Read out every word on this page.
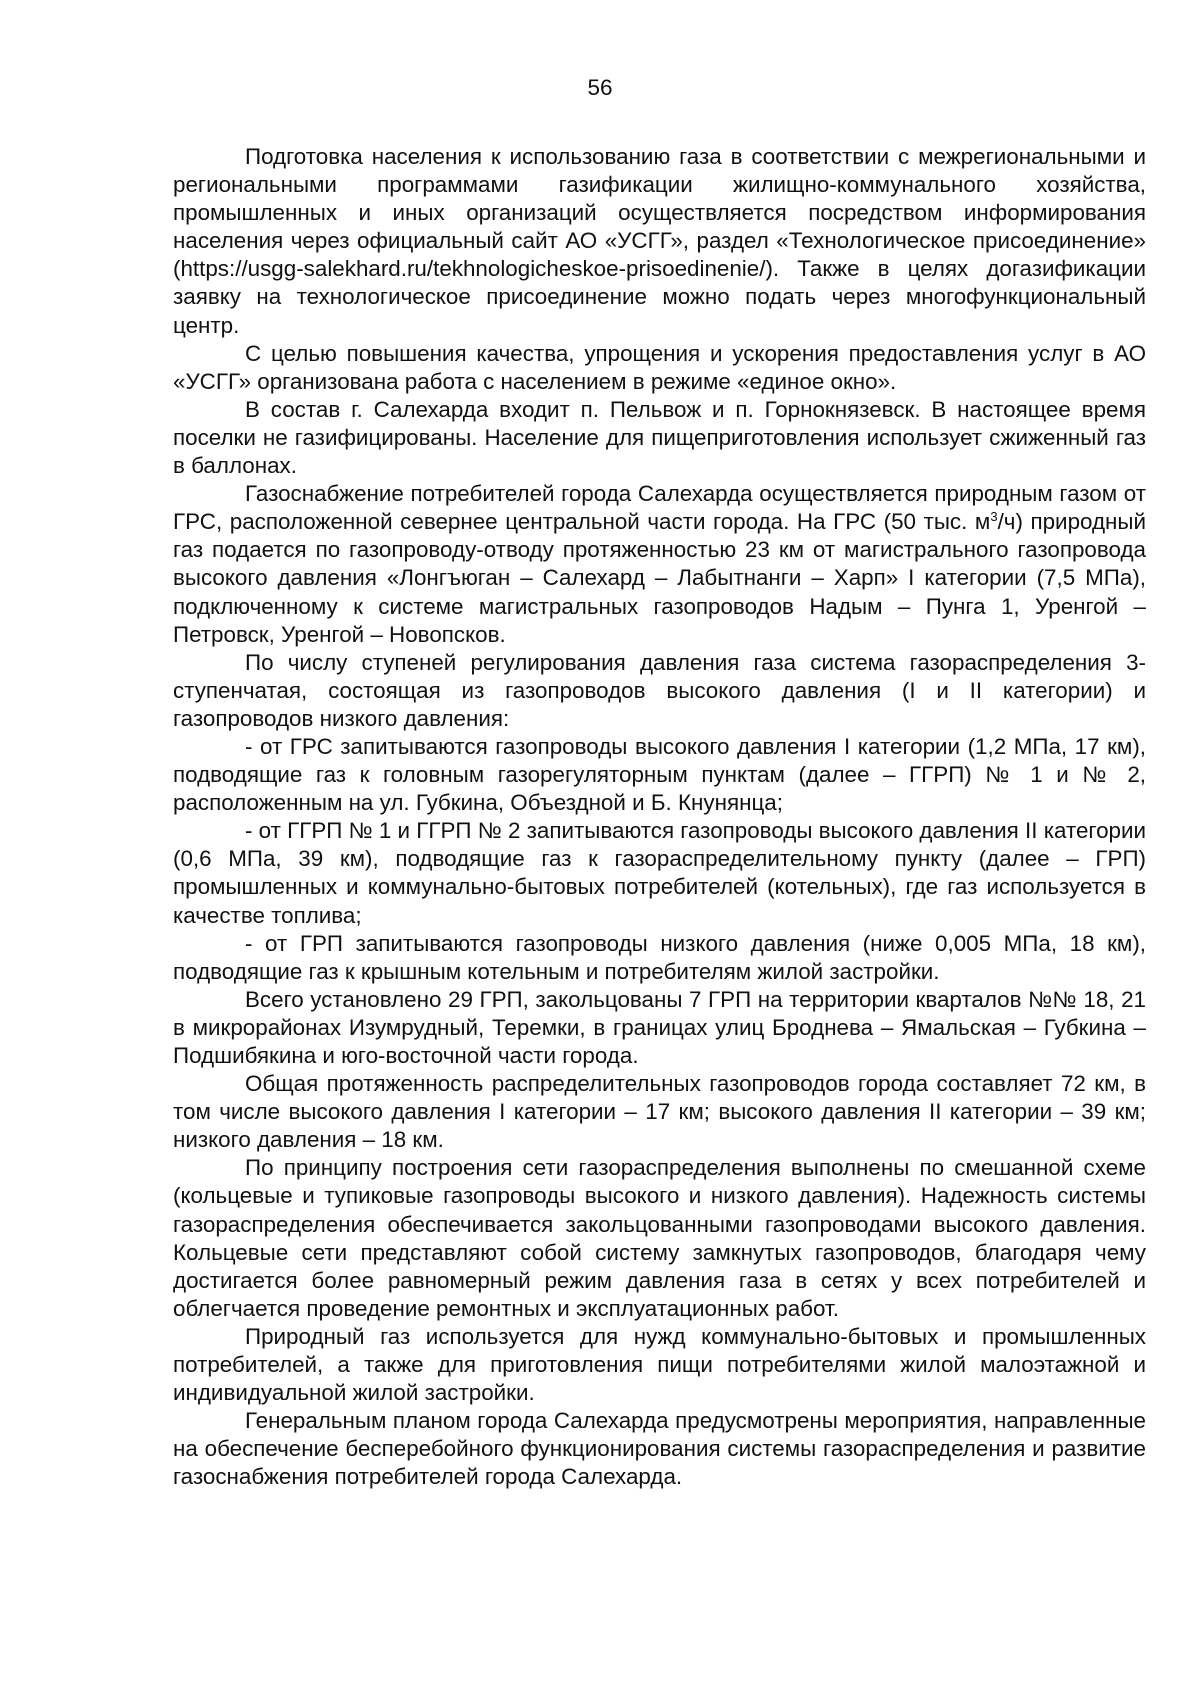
56

Подготовка населения к использованию газа в соответствии с межрегиональными и региональными программами газификации жилищно-коммунального хозяйства, промышленных и иных организаций осуществляется посредством информирования населения через официальный сайт АО «УСГГ», раздел «Технологическое присоединение» (https://usgg-salekhard.ru/tekhnologicheskoe-prisoedinenie/). Также в целях догазификации заявку на технологическое присоединение можно подать через многофункциональный центр.

С целью повышения качества, упрощения и ускорения предоставления услуг в АО «УСГГ» организована работа с населением в режиме «единое окно».

В состав г. Салехарда входит п. Пельвож и п. Горнокнязевск. В настоящее время поселки не газифицированы. Население для пищеприготовления использует сжиженный газ в баллонах.

Газоснабжение потребителей города Салехарда осуществляется природным газом от ГРС, расположенной севернее центральной части города. На ГРС (50 тыс. $м^3/ч$) природный газ подается по газопроводу-отводу протяженностью 23 км от магистрального газопровода высокого давления «Лонгъюган – Салехард – Лабытнанги – Харп» I категории (7,5 МПа), подключенному к системе магистральных газопроводов Надым – Пунга 1, Уренгой – Петровск, Уренгой – Новопсков.

По числу ступеней регулирования давления газа система газораспределения 3-ступенчатая, состоящая из газопроводов высокого давления (I и II категории) и газопроводов низкого давления:

- от ГРС запитываются газопроводы высокого давления I категории (1,2 МПа, 17 км), подводящие газ к головным газорегуляторным пунктам (далее – ГГРП) № 1 и № 2, расположенным на ул. Губкина, Объездной и Б. Кнунянца;

- от ГГРП № 1 и ГГРП № 2 запитываются газопроводы высокого давления II категории (0,6 МПа, 39 км), подводящие газ к газораспределительному пункту (далее – ГРП) промышленных и коммунально-бытовых потребителей (котельных), где газ используется в качестве топлива;

- от ГРП запитываются газопроводы низкого давления (ниже 0,005 МПа, 18 км), подводящие газ к крышным котельным и потребителям жилой застройки.

Всего установлено 29 ГРП, закольцованы 7 ГРП на территории кварталов №№ 18, 21 в микрорайонах Изумрудный, Теремки, в границах улиц Броднева – Ямальская – Губкина – Подшибякина и юго-восточной части города.

Общая протяженность распределительных газопроводов города составляет 72 км, в том числе высокого давления I категории – 17 км; высокого давления II категории – 39 км; низкого давления – 18 км.

По принципу построения сети газораспределения выполнены по смешанной схеме (кольцевые и тупиковые газопроводы высокого и низкого давления). Надежность системы газораспределения обеспечивается закольцованными газопроводами высокого давления. Кольцевые сети представляют собой систему замкнутых газопроводов, благодаря чему достигается более равномерный режим давления газа в сетях у всех потребителей и облегчается проведение ремонтных и эксплуатационных работ.

Природный газ используется для нужд коммунально-бытовых и промышленных потребителей, а также для приготовления пищи потребителями жилой малоэтажной и индивидуальной жилой застройки.

Генеральным планом города Салехарда предусмотрены мероприятия, направленные на обеспечение бесперебойного функционирования системы газораспределения и развитие газоснабжения потребителей города Салехарда.
